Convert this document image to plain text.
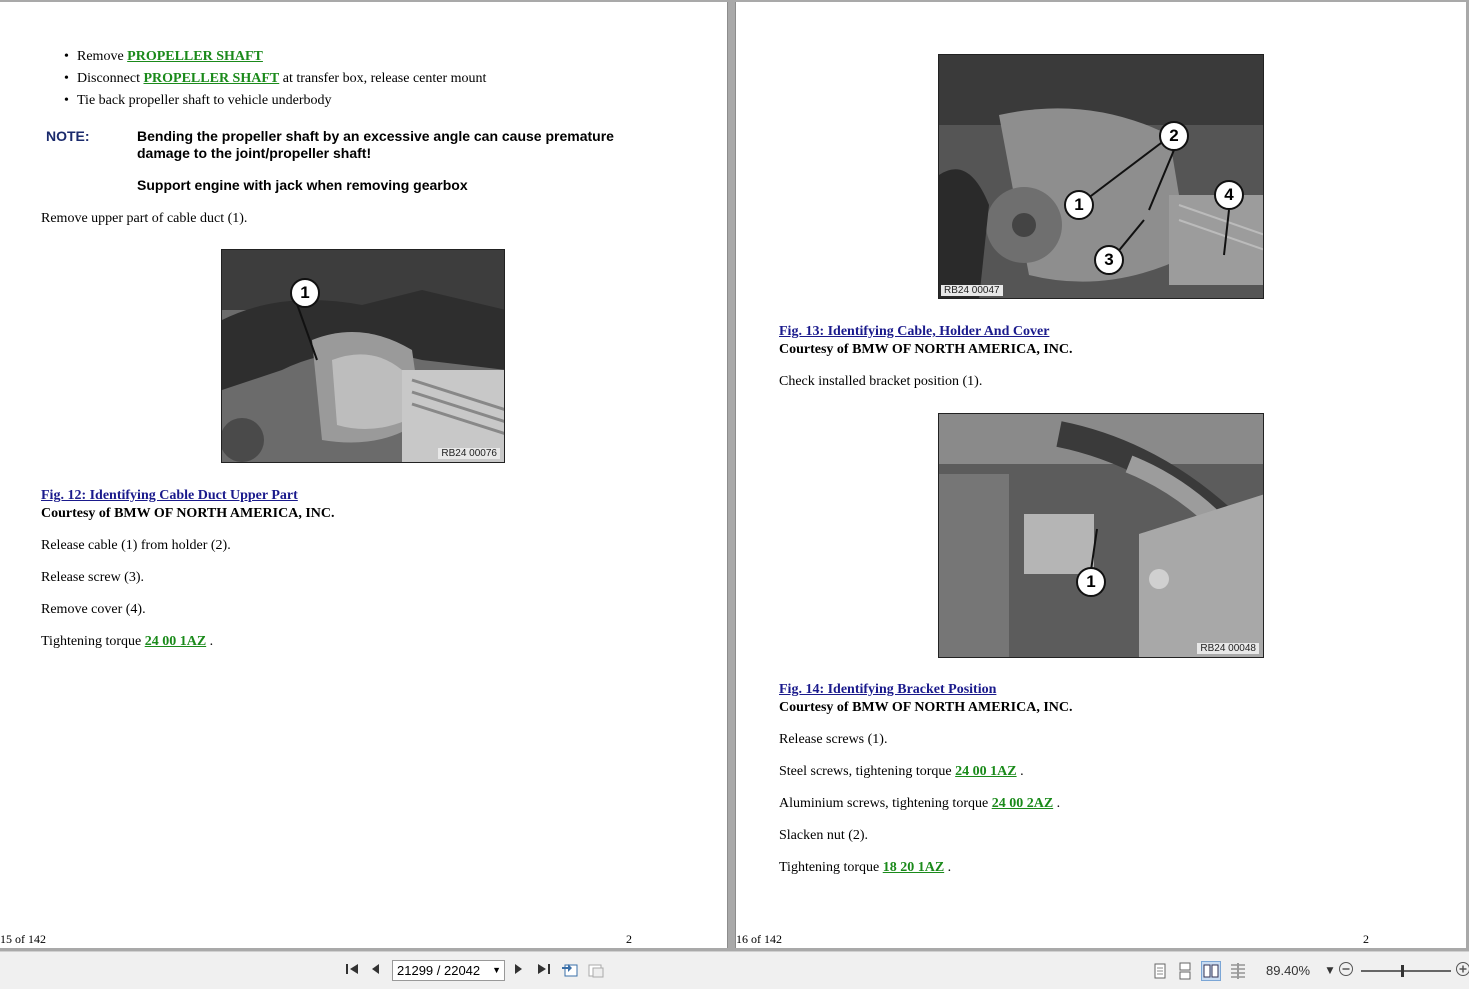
• Remove PROPELLER SHAFT
• Disconnect PROPELLER SHAFT at transfer box, release center mount
• Tie back propeller shaft to vehicle underbody
NOTE:	Bending the propeller shaft by an excessive angle can cause premature
damage to the joint/propeller shaft!
Support engine with jack when removing gearbox
Remove upper part of cable duct (1).
1
RB24 00076
Fig. 12: Identifying Cable Duct Upper Part
Courtesy of BMW OF NORTH AMERICA, INC.
Release cable (1) from holder (2).
Release screw (3).
Remove cover (4).
Tightening torque 24 00 1AZ .
15 of 142	2
1
2
3
4
RB24 00047
Fig. 13: Identifying Cable, Holder And Cover
Courtesy of BMW OF NORTH AMERICA, INC.
Check installed bracket position (1).
1
RB24 00048
Fig. 14: Identifying Bracket Position
Courtesy of BMW OF NORTH AMERICA, INC.
Release screws (1).
Steel screws, tightening torque 24 00 1AZ .
Aluminium screws, tightening torque 24 00 2AZ .
Slacken nut (2).
Tightening torque 18 20 1AZ .
16 of 142	2
21299 / 22042 ▼	89.40% ▼
